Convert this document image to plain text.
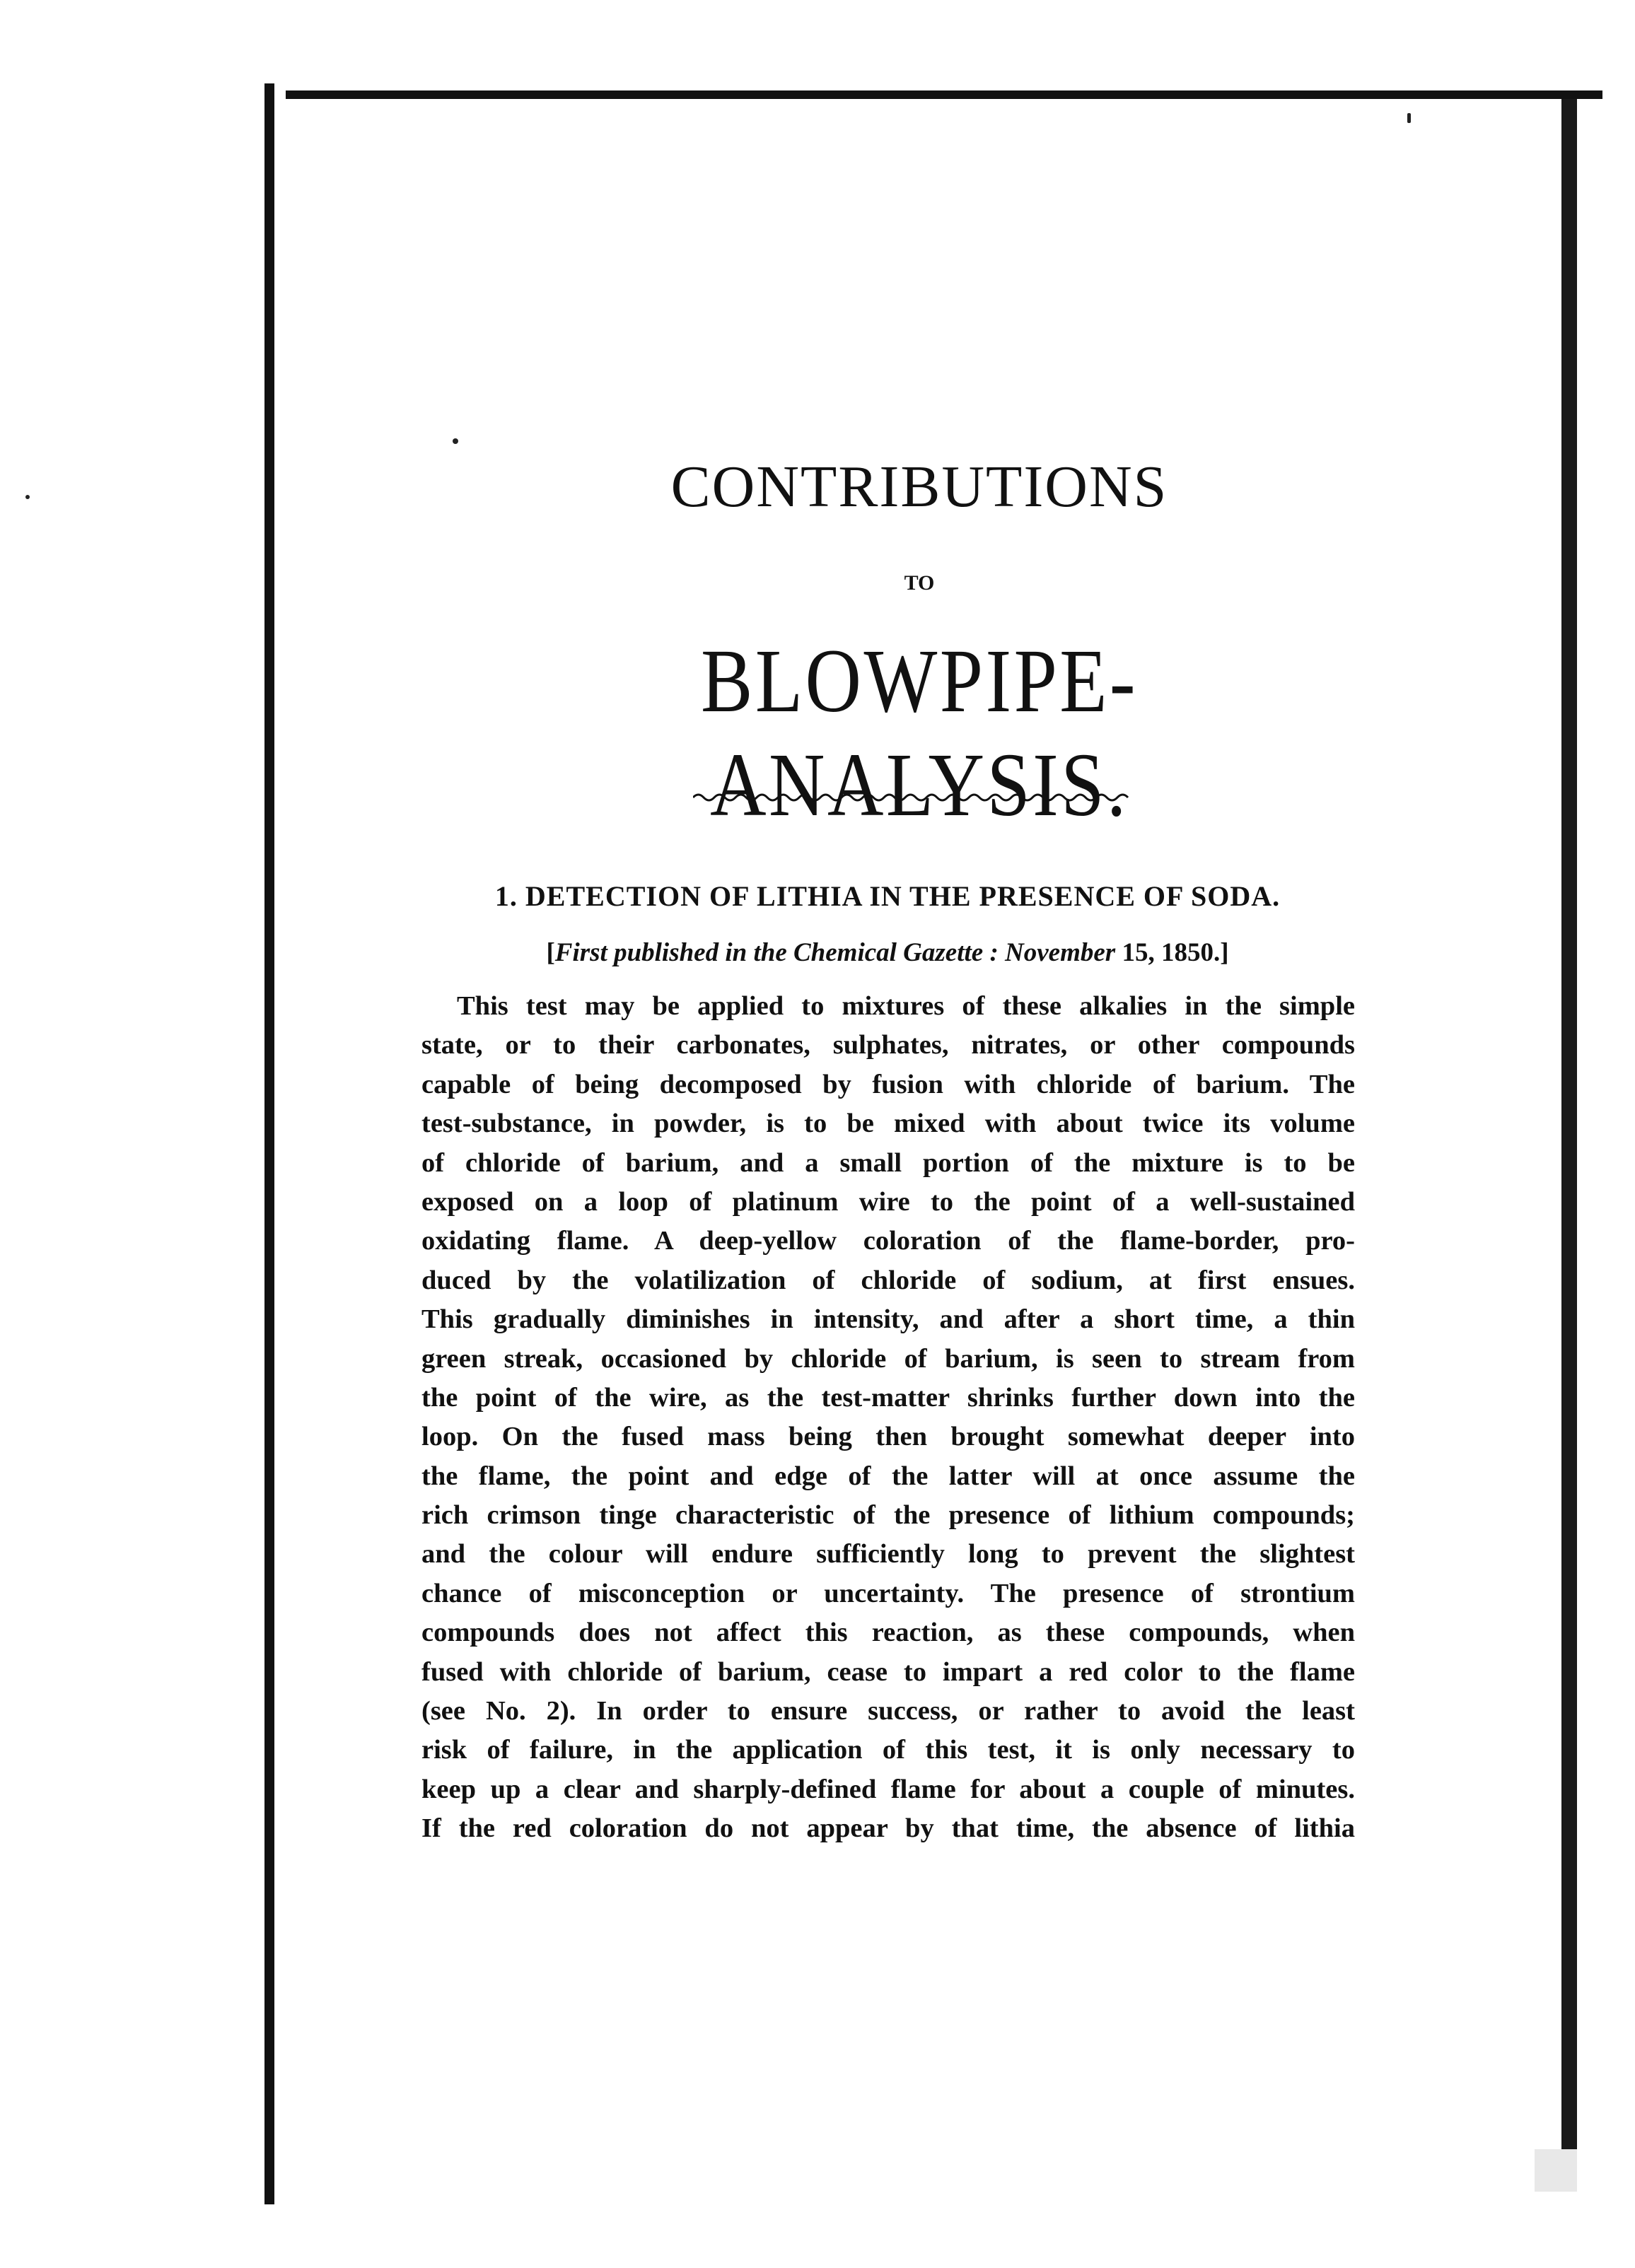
CONTRIBUTIONS
TO
BLOWPIPE-ANALYSIS.
1. DETECTION OF LITHIA IN THE PRESENCE OF SODA.
[First published in the Chemical Gazette : November 15, 1850.]
This test may be applied to mixtures of these alkalies in the simple
state, or to their carbonates, sulphates, nitrates, or other compounds
capable of being decomposed by fusion with chloride of barium. The
test-substance, in powder, is to be mixed with about twice its volume
of chloride of barium, and a small portion of the mixture is to be
exposed on a loop of platinum wire to the point of a well-sustained
oxidating flame. A deep-yellow coloration of the flame-border, pro-
duced by the volatilization of chloride of sodium, at first ensues.
This gradually diminishes in intensity, and after a short time, a thin
green streak, occasioned by chloride of barium, is seen to stream from
the point of the wire, as the test-matter shrinks further down into the
loop. On the fused mass being then brought somewhat deeper into
the flame, the point and edge of the latter will at once assume the
rich crimson tinge characteristic of the presence of lithium compounds;
and the colour will endure sufficiently long to prevent the slightest
chance of misconception or uncertainty. The presence of strontium
compounds does not affect this reaction, as these compounds, when
fused with chloride of barium, cease to impart a red color to the flame
(see No. 2). In order to ensure success, or rather to avoid the least
risk of failure, in the application of this test, it is only necessary to
keep up a clear and sharply-defined flame for about a couple of minutes.
If the red coloration do not appear by that time, the absence of lithia
